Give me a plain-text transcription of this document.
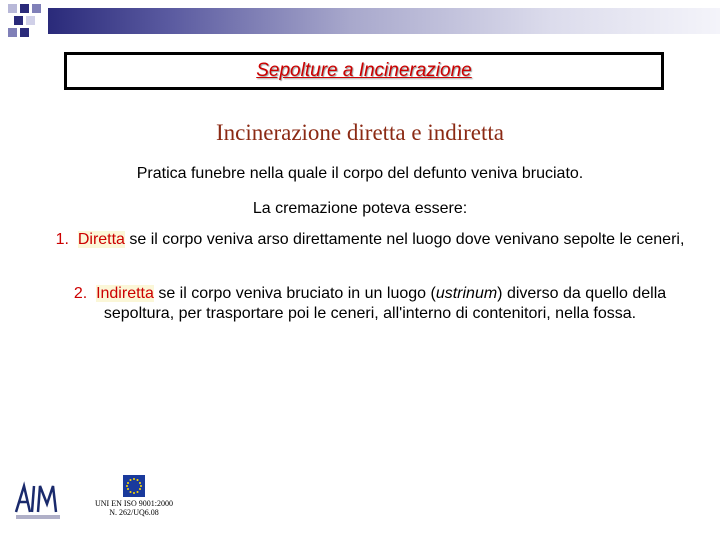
Sepolture a Incinerazione
Incinerazione diretta e indiretta
Pratica funebre nella quale il corpo del defunto veniva bruciato.
La cremazione poteva essere:
1. Diretta se il corpo veniva arso direttamente nel luogo dove venivano sepolte le ceneri,
2. Indiretta se il corpo veniva bruciato in un luogo (ustrinum) diverso da quello della sepoltura, per trasportare poi le ceneri, all'interno di contenitori, nella fossa.
UNI EN ISO 9001:2000
N. 262/UQ6.08
